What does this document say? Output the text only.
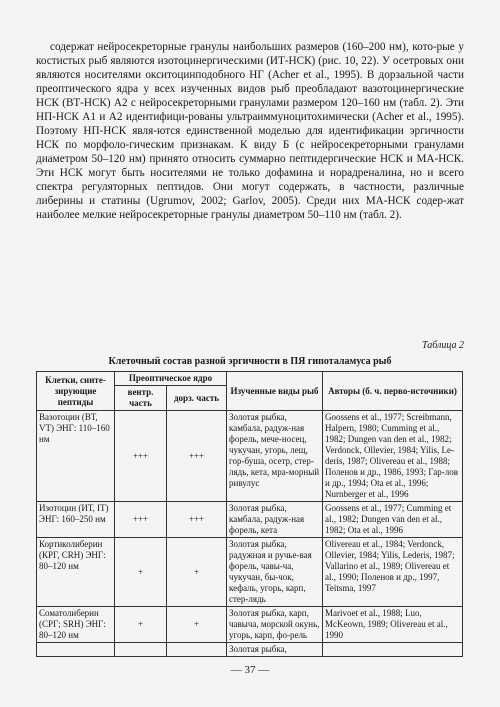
содержат нейросекреторные гранулы наибольших размеров (160–200 нм), кото-рые у костистых рыб являются изотоцинергическими (ИТ-НСК) (рис. 10, 22). У осетровых они являются носителями окситоцинподобного НГ (Acher et al., 1995). В дорзальной части преоптического ядра у всех изученных видов рыб преобладают вазотоцинергические НСК (ВТ-НСК) А2 с нейросекреторными гранулами размером 120–160 нм (табл. 2). Эти НП-НСК А1 и А2 идентифици-рованы ультраиммуноцитохимически (Acher et al., 1995). Поэтому НП-НСК явля-ются единственной моделью для идентификации эргичности НСК по морфоло-гическим признакам. К виду Б (с нейросекреторными гранулами диаметром 50–120 нм) принято относить суммарно пептидергические НСК и МА-НСК. Эти НСК могут быть носителями не только дофамина и норадреналина, но и всего спектра регуляторных пептидов. Они могут содержать, в частности, различные либерины и статины (Ugrumov, 2002; Garlov, 2005). Среди них МА-НСК содер-жат наиболее мелкие нейросекреторные гранулы диаметром 50–110 нм (табл. 2).
Таблица 2
Клеточный состав разной эргичности в ПЯ гипоталамуса рыб
Клетки, синте-зирующие пептиды	Преоптическое ядро		Изученные виды рыб	Авторы (б. ч. перво-источники)
	вентр. часть	дорз. часть		
Вазотоцин (ВТ, VT) ЭНГ: 110–160 нм	+++	+++	Золотая рыбка, камбала, радуж-ная форель, мече-носец, чукучан, угорь, лещ, гор-буша, осетр, стер-лядь, кета, мра-морный ривулус	Goossens et al., 1977; Screibmann, Halpern, 1980; Cumming et al., 1982; Dungen van den et al., 1982; Verdonck, Ollevier, 1984; Yilis, Le-deris, 1987; Olivereau et al., 1988; Поленов и др., 1986, 1993; Гар-лов и др., 1994; Ota et al., 1996; Nurnberger et al., 1996
Изотоцин (ИТ, IT) ЭНГ: 160–250 нм	+++	+++	Золотая рыбка, камбала, радуж-ная форель, кета	Goossens et al., 1977; Cumming et al., 1982; Dungen van den et al., 1982; Ota et al., 1996
Кортиколиберин (КРГ, CRH) ЭНГ: 80–120 нм	+	+	Золотая рыбка, радужная и ручье-вая форель, чавы-ча, чукучан, бы-чок, кефаль, угорь, карп, стер-лядь	Olivereau et al., 1984; Verdonck, Ollevier, 1984; Yilis, Lederis, 1987; Vallarino et al., 1989; Olivereau et al., 1990; Поленов и др., 1997, Teitsma, 1997
Соматолиберин (СРГ; SRH) ЭНГ: 80–120 нм	+	+	Золотая рыбка, карп, чавыча, морской окунь, угорь, карп, фо-рель	Marivoet et al., 1988; Luo, McKeown, 1989; Olivereau et al., 1990
			Золотая рыбка,	
— 37 —
